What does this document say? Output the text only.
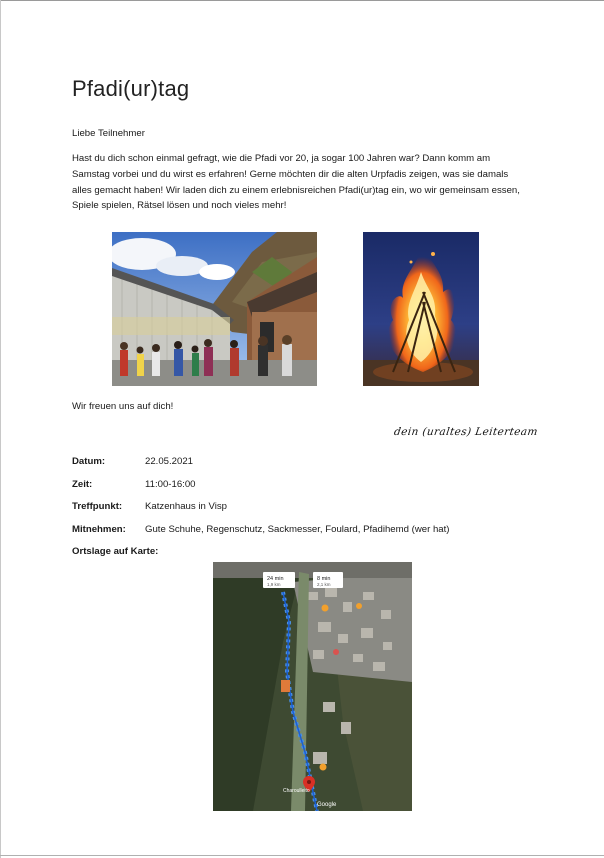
Pfadi(ur)tag
Liebe Teilnehmer
Hast du dich schon einmal gefragt, wie die Pfadi vor 20, ja sogar 100 Jahren war? Dann komm am Samstag vorbei und du wirst es erfahren! Gerne möchten dir die alten Urpfadis zeigen, was sie damals alles gemacht haben! Wir laden dich zu einem erlebnisreichen Pfadi(ur)tag ein, wo wir gemeinsam essen, Spiele spielen, Rätsel lösen und noch vieles mehr!
Wir freuen uns auf dich!
dein (uraltes) Leiterteam
Datum:	22.05.2021
Zeit:	11:00-16:00
Treffpunkt: Katzenhaus in Visp
Mitnehmen: Gute Schuhe, Regenschutz, Sackmesser, Foulard, Pfadihemd (wer hat)
Ortslage auf Karte:
24 min
1,9 km
8 min
2,1 km
Charoulleito
Google
